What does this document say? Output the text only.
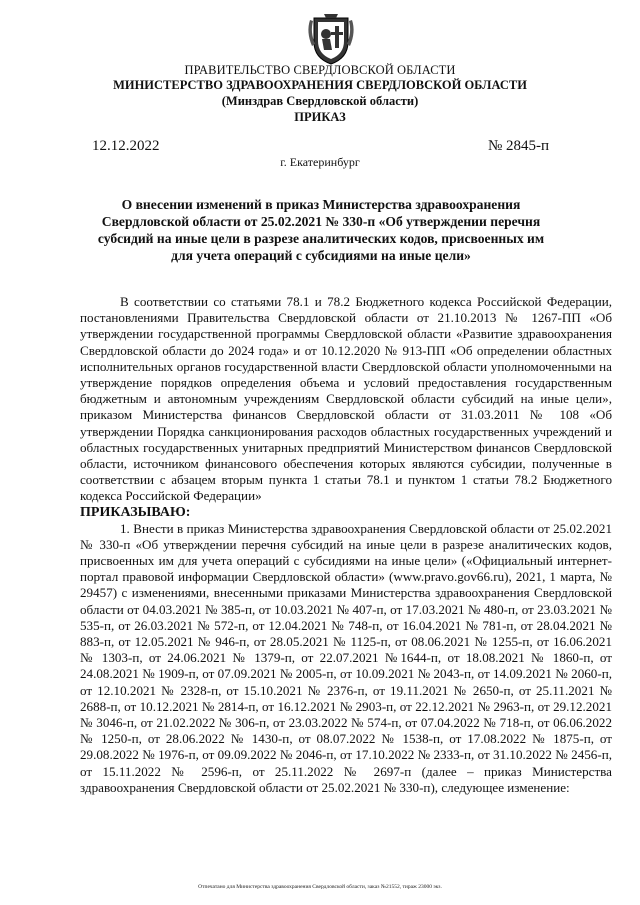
ПРАВИТЕЛЬСТВО СВЕРДЛОВСКОЙ ОБЛАСТИ
МИНИСТЕРСТВО ЗДРАВООХРАНЕНИЯ СВЕРДЛОВСКОЙ ОБЛАСТИ
(Минздрав Свердловской области)
ПРИКАЗ
12.12.2022	№ 2845-п
г. Екатеринбург
О внесении изменений в приказ Министерства здравоохранения Свердловской области от 25.02.2021 № 330-п «Об утверждении перечня субсидий на иные цели в разрезе аналитических кодов, присвоенных им для учета операций с субсидиями на иные цели»

В соответствии со статьями 78.1 и 78.2 Бюджетного кодекса Российской Федерации, постановлениями Правительства Свердловской области от 21.10.2013 № 1267-ПП «Об утверждении государственной программы Свердловской области «Развитие здравоохранения Свердловской области до 2024 года» и от 10.12.2020 № 913-ПП «Об определении областных исполнительных органов государственной власти Свердловской области уполномоченными на утверждение порядков определения объема и условий предоставления государственным бюджетным и автономным учреждениям Свердловской области субсидий на иные цели», приказом Министерства финансов Свердловской области от 31.03.2011 № 108 «Об утверждении Порядка санкционирования расходов областных государственных учреждений и областных государственных унитарных предприятий Министерством финансов Свердловской области, источником финансового обеспечения которых являются субсидии, полученные в соответствии с абзацем вторым пункта 1 статьи 78.1 и пунктом 1 статьи 78.2 Бюджетного кодекса Российской Федерации»

ПРИКАЗЫВАЮ:

1. Внести в приказ Министерства здравоохранения Свердловской области от 25.02.2021 № 330-п «Об утверждении перечня субсидий на иные цели в разрезе аналитических кодов, присвоенных им для учета операций с субсидиями на иные цели» («Официальный интернет-портал правовой информации Свердловской области» (www.pravo.gov66.ru), 2021, 1 марта, № 29457) с изменениями, внесенными приказами Министерства здравоохранения Свердловской области от 04.03.2021 № 385-п, от 10.03.2021 № 407-п, от 17.03.2021 № 480-п, от 23.03.2021 № 535-п, от 26.03.2021 № 572-п, от 12.04.2021 № 748-п, от 16.04.2021 № 781-п, от 28.04.2021 № 883-п, от 12.05.2021 № 946-п, от 28.05.2021 № 1125-п, от 08.06.2021 № 1255-п, от 16.06.2021 № 1303-п, от 24.06.2021 № 1379-п, от 22.07.2021 №1644-п, от 18.08.2021 № 1860-п, от 24.08.2021 № 1909-п, от 07.09.2021 № 2005-п, от 10.09.2021 № 2043-п, от 14.09.2021 № 2060-п, от 12.10.2021 № 2328-п, от 15.10.2021 № 2376-п, от 19.11.2021 № 2650-п, от 25.11.2021 № 2688-п, от 10.12.2021 № 2814-п, от 16.12.2021 № 2903-п, от 22.12.2021 № 2963-п, от 29.12.2021 № 3046-п, от 21.02.2022 № 306-п, от 23.03.2022 № 574-п, от 07.04.2022 № 718-п, от 06.06.2022 № 1250-п, от 28.06.2022 № 1430-п, от 08.07.2022 № 1538-п, от 17.08.2022 № 1875-п, от 29.08.2022 № 1976-п, от 09.09.2022 № 2046-п, от 17.10.2022 № 2333-п, от 31.10.2022 № 2456-п, от 15.11.2022 № 2596-п, от 25.11.2022 № 2697-п (далее – приказ Министерства здравоохранения Свердловской области от 25.02.2021 № 330-п), следующее изменение:

Отпечатано для Министерства здравоохранения Свердловской области, заказ №21552, тираж 23000 экз.
